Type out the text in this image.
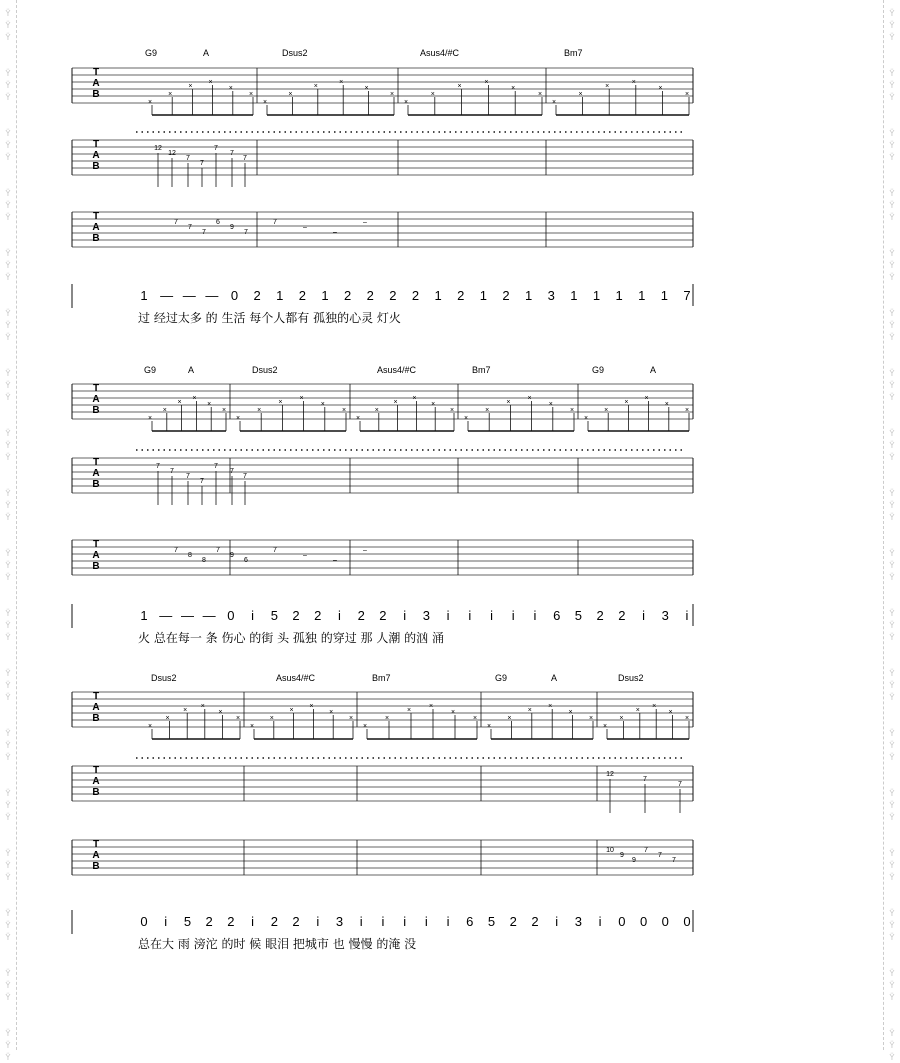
Ÿ
Ÿ
Ÿ
Ÿ
Ÿ
Ÿ
Ÿ
Ÿ
Ÿ
Ÿ
Ÿ
Ÿ
Ÿ
Ÿ
Ÿ
Ÿ
Ÿ
Ÿ
Ÿ
Ÿ
Ÿ
Ÿ
Ÿ
Ÿ
Ÿ
Ÿ
Ÿ
Ÿ
Ÿ
Ÿ
Ÿ
Ÿ
Ÿ
Ÿ
Ÿ
Ÿ
Ÿ
Ÿ
Ÿ
Ÿ
Ÿ
Ÿ
Ÿ
Ÿ
Ÿ
Ÿ
Ÿ
Ÿ
Ÿ
Ÿ
Ÿ
Ÿ
Ÿ
Ÿ
Ÿ
Ÿ
Ÿ
Ÿ
Ÿ
Ÿ
Ÿ
Ÿ
Ÿ
Ÿ
Ÿ
Ÿ
Ÿ
Ÿ
Ÿ
Ÿ
Ÿ
Ÿ
Ÿ
Ÿ
Ÿ
Ÿ
Ÿ
Ÿ
Ÿ
Ÿ
Ÿ
Ÿ
Ÿ
Ÿ
Ÿ
Ÿ
Ÿ
Ÿ
Ÿ
Ÿ
Ÿ
Ÿ
Ÿ
Ÿ
Ÿ
Ÿ
Ÿ
Ÿ
Ÿ
Ÿ
Ÿ
Ÿ
Ÿ
Ÿ
Ÿ
Ÿ
Ÿ
Ÿ
G9	A	Dsus2	Asus4/#C	Bm7
T
A
B
×
×
×
×
×
×
×
×
×
×
×
×
×
×
×
×
×
×
×
×
×
×
×
×
T
A
B
12
12
7
7
7
7
7
T
A
B
7
7
7
6
9
7
7
–
–
–
1 — — — 0 2 1 2 1 2 2 2 2 1 2 1 2 1 3 1 1 1 1 1 7
过 经过太多 的 生活 每个人都有 孤独的心灵 灯火
G9	A	Dsus2	Asus4/#C	Bm7	G9	A
T
A
B
×
×
×
×
×
×
×
×
×
×
×
×
×
×
×
×
×
×
×
×
×
×
×
×
×
×
×
×
×
×
T
A
B
7
7
7
7
7
7
7
T
A
B
7
8
8
7
9
6
7
–
–
–
1 — — — 0 i 5 2 2 i 2 2 i 3 i i i i i 6 5 2 2 i 3 i
火 总在每一 条 伤心 的街 头 孤独 的穿过 那 人潮 的汹 涌
Dsus2	Asus4/#C	Bm7	G9	A	Dsus2
T
A
B
×
×
×
×
×
×
×
×
×
×
×
×
×
×
×
×
×
×
×
×
×
×
×
×
×
×
×
×
×
×
T
A
B
12
7
7
T
A
B
10
9
9
7
7
7
0 i 5 2 2 i 2 2 i 3 i i i i i 6 5 2 2 i 3 i 0 0 0 0
总在大 雨 滂沱 的时 候 眼泪 把城市 也 慢慢 的淹 没
